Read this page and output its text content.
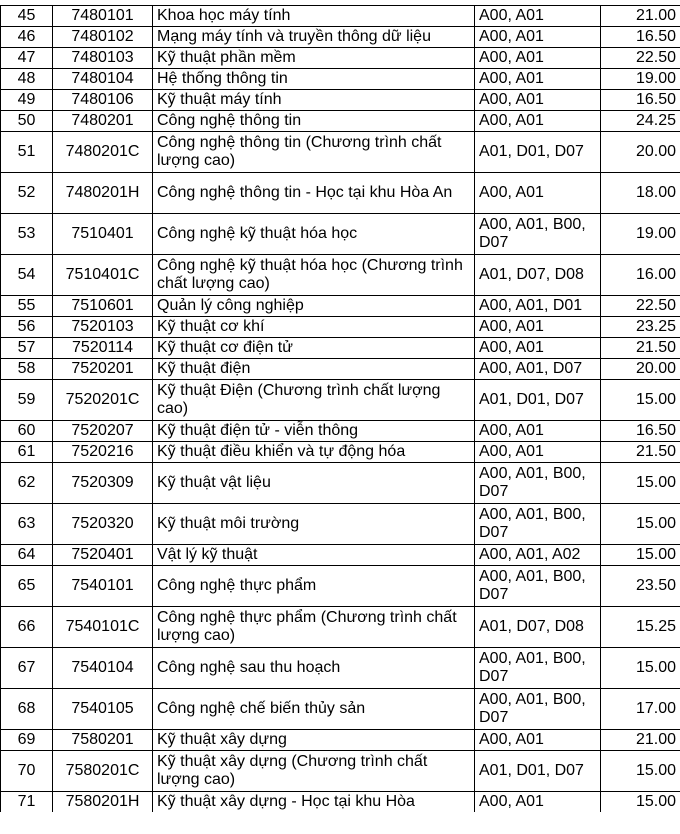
45	7480101	Khoa học máy tính	A00, A01	21.00
46	7480102	Mạng máy tính và truyền thông dữ liệu	A00, A01	16.50
47	7480103	Kỹ thuật phần mềm	A00, A01	22.50
48	7480104	Hệ thống thông tin	A00, A01	19.00
49	7480106	Kỹ thuật máy tính	A00, A01	16.50
50	7480201	Công nghệ thông tin	A00, A01	24.25
51	7480201C	Công nghệ thông tin (Chương trình chất lượng cao)	A01, D01, D07	20.00
52	7480201H	Công nghệ thông tin - Học tại khu Hòa An	A00, A01	18.00
53	7510401	Công nghệ kỹ thuật hóa học	A00, A01, B00, D07	19.00
54	7510401C	Công nghệ kỹ thuật hóa học (Chương trình chất lượng cao)	A01, D07, D08	16.00
55	7510601	Quản lý công nghiệp	A00, A01, D01	22.50
56	7520103	Kỹ thuật cơ khí	A00, A01	23.25
57	7520114	Kỹ thuật cơ điện tử	A00, A01	21.50
58	7520201	Kỹ thuật điện	A00, A01, D07	20.00
59	7520201C	Kỹ thuật Điện (Chương trình chất lượng cao)	A01, D01, D07	15.00
60	7520207	Kỹ thuật điện tử - viễn thông	A00, A01	16.50
61	7520216	Kỹ thuật điều khiển và tự động hóa	A00, A01	21.50
62	7520309	Kỹ thuật vật liệu	A00, A01, B00, D07	15.00
63	7520320	Kỹ thuật môi trường	A00, A01, B00, D07	15.00
64	7520401	Vật lý kỹ thuật	A00, A01, A02	15.00
65	7540101	Công nghệ thực phẩm	A00, A01, B00, D07	23.50
66	7540101C	Công nghệ thực phẩm (Chương trình chất lượng cao)	A01, D07, D08	15.25
67	7540104	Công nghệ sau thu hoạch	A00, A01, B00, D07	15.00
68	7540105	Công nghệ chế biến thủy sản	A00, A01, B00, D07	17.00
69	7580201	Kỹ thuật xây dựng	A00, A01	21.00
70	7580201C	Kỹ thuật xây dựng (Chương trình chất lượng cao)	A01, D01, D07	15.00
71	7580201H	Kỹ thuật xây dựng - Học tại khu Hòa	A00, A01	15.00
